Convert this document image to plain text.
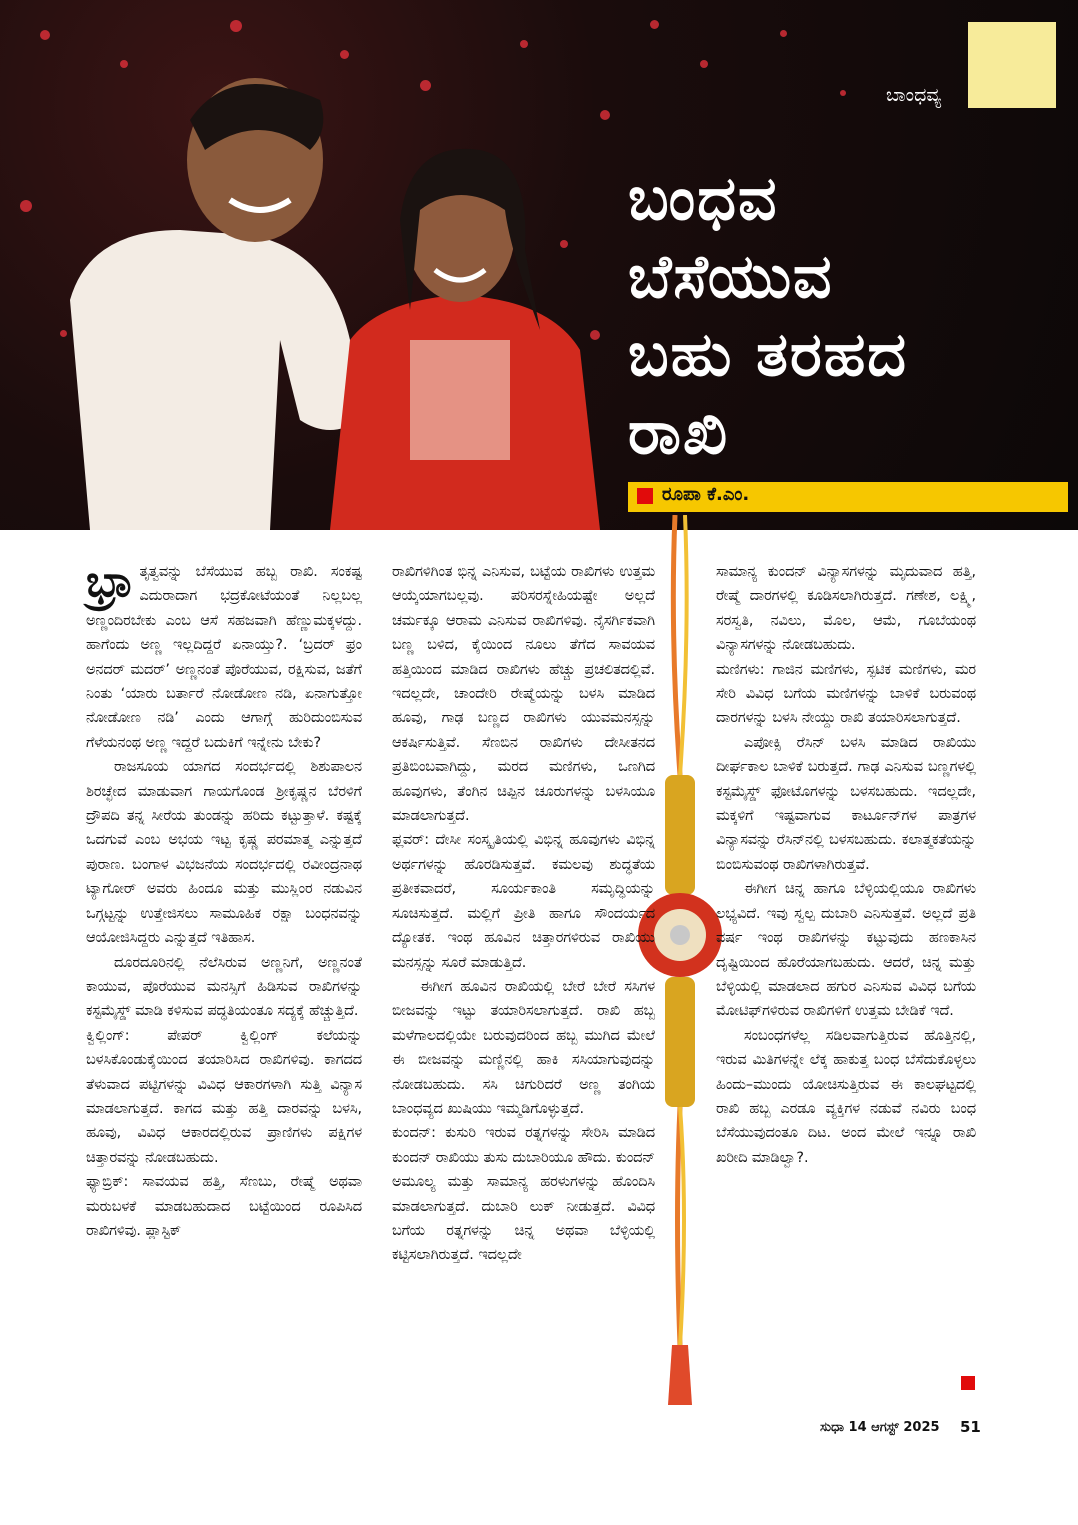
ಬಾಂಧವ್ಯ
ಬಂಧವ
ಬೆಸೆಯುವ
ಬಹು ತರಹದ
ರಾಖಿ
ರೂಪಾ ಕೆ.ಎಂ.
ಭ್ರಾ ತೃತ್ವವನ್ನು ಬೆಸೆಯುವ ಹಬ್ಬ ರಾಖಿ. ಸಂಕಷ್ಟ ಎದುರಾದಾಗ ಭದ್ರಕೋಟೆಯಂತೆ ನಿಲ್ಲಬಲ್ಲ ಅಣ್ಣಂದಿರಬೇಕು ಎಂಬ ಆಸೆ ಸಹಜವಾಗಿ ಹೆಣ್ಣುಮಕ್ಕಳದ್ದು. ಹಾಗೆಂದು ಅಣ್ಣ ಇಲ್ಲದಿದ್ದರೆ ಏನಾಯ್ತು?. ‘ಬ್ರದರ್ ಫ್ರಂ ಅನದರ್ ಮದರ್’ ಅಣ್ಣನಂತೆ ಪೊರೆಯುವ, ರಕ್ಷಿಸುವ, ಜತೆಗೆ ನಿಂತು ‘ಯಾರು ಬರ್ತಾರೆ ನೋಡೋಣ ನಡಿ, ಏನಾಗುತ್ತೋ ನೋಡೋಣ ನಡಿ’ ಎಂದು ಆಗಾಗ್ಗೆ ಹುರಿದುಂಬಿಸುವ ಗೆಳೆಯನಂಥ ಅಣ್ಣ ಇದ್ದರೆ ಬದುಕಿಗೆ ಇನ್ನೇನು ಬೇಕು?

ರಾಜಸೂಯ ಯಾಗದ ಸಂದರ್ಭದಲ್ಲಿ ಶಿಶುಪಾಲನ ಶಿರಚ್ಛೇದ ಮಾಡುವಾಗ ಗಾಯಗೊಂಡ ಶ್ರೀಕೃಷ್ಣನ ಬೆರಳಿಗೆ ದ್ರೌಪದಿ ತನ್ನ ಸೀರೆಯ ತುಂಡನ್ನು ಹರಿದು ಕಟ್ಟುತ್ತಾಳೆ. ಕಷ್ಟಕ್ಕೆ ಒದಗುವೆ ಎಂಬ ಅಭಯ ಇಟ್ಟ ಕೃಷ್ಣ ಪರಮಾತ್ಮ ಎನ್ನುತ್ತದೆ ಪುರಾಣ. ಬಂಗಾಳ ವಿಭಜನೆಯ ಸಂದರ್ಭದಲ್ಲಿ ರವೀಂದ್ರನಾಥ ಟ್ಯಾಗೋರ್ ಅವರು ಹಿಂದೂ ಮತ್ತು ಮುಸ್ಲಿಂರ ನಡುವಿನ ಒಗ್ಗಟ್ಟನ್ನು ಉತ್ತೇಜಿಸಲು ಸಾಮೂಹಿಕ ರಕ್ಷಾ ಬಂಧನವನ್ನು ಆಯೋಜಿಸಿದ್ದರು ಎನ್ನುತ್ತದೆ ಇತಿಹಾಸ.

ದೂರದೂರಿನಲ್ಲಿ ನೆಲೆಸಿರುವ ಅಣ್ಣನಿಗೆ, ಅಣ್ಣನಂತೆ ಕಾಯುವ, ಪೊರೆಯುವ ಮನಸ್ಸಿಗೆ ಹಿಡಿಸುವ ರಾಖಿಗಳನ್ನು ಕಸ್ಟಮೈಸ್ಡ್ ಮಾಡಿ ಕಳಿಸುವ ಪದ್ಧತಿಯಂತೂ ಸದ್ಯಕ್ಕೆ ಹೆಚ್ಚುತ್ತಿದೆ.

ಕ್ವಿಲ್ಲಿಂಗ್: ಪೇಪರ್ ಕ್ವಿಲ್ಲಿಂಗ್ ಕಲೆಯನ್ನು ಬಳಸಿಕೊಂಡುಕೈಯಿಂದ ತಯಾರಿಸಿದ ರಾಖಿಗಳಿವು. ಕಾಗದದ ತೆಳುವಾದ ಪಟ್ಟಿಗಳನ್ನು ವಿವಿಧ ಆಕಾರಗಳಾಗಿ ಸುತ್ತಿ ವಿನ್ಯಾಸ ಮಾಡಲಾಗುತ್ತದೆ. ಕಾಗದ ಮತ್ತು ಹತ್ತಿ ದಾರವನ್ನು ಬಳಸಿ, ಹೂವು, ವಿವಿಧ ಆಕಾರದಲ್ಲಿರುವ ಪ್ರಾಣಿಗಳು ಪಕ್ಷಿಗಳ ಚಿತ್ತಾರವನ್ನು ನೋಡಬಹುದು.

ಫ್ಯಾಬ್ರಿಕ್: ಸಾವಯವ ಹತ್ತಿ, ಸೆಣಬು, ರೇಷ್ಮೆ ಅಥವಾ ಮರುಬಳಕೆ ಮಾಡಬಹುದಾದ ಬಟ್ಟೆಯಿಂದ ರೂಪಿಸಿದ ರಾಖಿಗಳಿವು. ಪ್ಲಾಸ್ಟಿಕ್

ರಾಖಿಗಳಿಗಿಂತ ಭಿನ್ನ ಎನಿಸುವ, ಬಟ್ಟೆಯ ರಾಖಿಗಳು ಉತ್ತಮ ಆಯ್ಕೆಯಾಗಬಲ್ಲವು. ಪರಿಸರಸ್ನೇಹಿಯಷ್ಟೇ ಅಲ್ಲದೆ ಚರ್ಮಕ್ಕೂ ಆರಾಮ ಎನಿಸುವ ರಾಖಿಗಳಿವು. ನೈಸರ್ಗಿಕವಾಗಿ ಬಣ್ಣ ಬಳಿದ, ಕೈಯಿಂದ ನೂಲು ತೆಗೆದ ಸಾವಯವ ಹತ್ತಿಯಿಂದ ಮಾಡಿದ ರಾಖಿಗಳು ಹೆಚ್ಚು ಪ್ರಚಲಿತದಲ್ಲಿವೆ. ಇದಲ್ಲದೇ, ಚಾಂದೇರಿ ರೇಷ್ಮೆಯನ್ನು ಬಳಸಿ ಮಾಡಿದ ಹೂವು, ಗಾಢ ಬಣ್ಣದ ರಾಖಿಗಳು ಯುವಮನಸ್ಸನ್ನು ಆಕರ್ಷಿಸುತ್ತಿವೆ. ಸೆಣಬಿನ ರಾಖಿಗಳು ದೇಸೀತನದ ಪ್ರತಿಬಿಂಬವಾಗಿದ್ದು, ಮರದ ಮಣಿಗಳು, ಒಣಗಿದ ಹೂವುಗಳು, ತೆಂಗಿನ ಚಿಪ್ಪಿನ ಚೂರುಗಳನ್ನು ಬಳಸಿಯೂ ಮಾಡಲಾಗುತ್ತದೆ.

ಫ್ಲವರ್: ದೇಸೀ ಸಂಸ್ಕೃತಿಯಲ್ಲಿ ವಿಭಿನ್ನ ಹೂವುಗಳು ವಿಭಿನ್ನ ಅರ್ಥಗಳನ್ನು ಹೊರಡಿಸುತ್ತವೆ. ಕಮಲವು ಶುದ್ಧತೆಯ ಪ್ರತೀಕವಾದರೆ, ಸೂರ್ಯಕಾಂತಿ ಸಮೃದ್ಧಿಯನ್ನು ಸೂಚಿಸುತ್ತದೆ. ಮಲ್ಲಿಗೆ ಪ್ರೀತಿ ಹಾಗೂ ಸೌಂದರ್ಯದ ದ್ಯೋತಕ. ಇಂಥ ಹೂವಿನ ಚಿತ್ತಾರಗಳಿರುವ ರಾಖಿಯು ಮನಸ್ಸನ್ನು ಸೂರೆ ಮಾಡುತ್ತಿದೆ.

ಈಗೀಗ ಹೂವಿನ ರಾಖಿಯಲ್ಲಿ ಬೇರೆ ಬೇರೆ ಸಸಿಗಳ ಬೀಜವನ್ನು ಇಟ್ಟು ತಯಾರಿಸಲಾಗುತ್ತದೆ. ರಾಖಿ ಹಬ್ಬ ಮಳೆಗಾಲದಲ್ಲಿಯೇ ಬರುವುದರಿಂದ ಹಬ್ಬ ಮುಗಿದ ಮೇಲೆ ಈ ಬೀಜವನ್ನು ಮಣ್ಣಿನಲ್ಲಿ ಹಾಕಿ ಸಸಿಯಾಗುವುದನ್ನು ನೋಡಬಹುದು. ಸಸಿ ಚಿಗುರಿದರೆ ಅಣ್ಣ ತಂಗಿಯ ಬಾಂಧವ್ಯದ ಖುಷಿಯು ಇಮ್ಮಡಿಗೊಳ್ಳುತ್ತದೆ.

ಕುಂದನ್: ಕುಸುರಿ ಇರುವ ರತ್ನಗಳನ್ನು ಸೇರಿಸಿ ಮಾಡಿದ ಕುಂದನ್ ರಾಖಿಯು ತುಸು ದುಬಾರಿಯೂ ಹೌದು. ಕುಂದನ್ ಅಮೂಲ್ಯ ಮತ್ತು ಸಾಮಾನ್ಯ ಹರಳುಗಳನ್ನು ಹೊಂದಿಸಿ ಮಾಡಲಾಗುತ್ತದೆ. ದುಬಾರಿ ಲುಕ್ ನೀಡುತ್ತದೆ. ವಿವಿಧ ಬಗೆಯ ರತ್ನಗಳನ್ನು ಚಿನ್ನ ಅಥವಾ ಬೆಳ್ಳಿಯಲ್ಲಿ ಕಟ್ಟಿಸಲಾಗಿರುತ್ತದೆ. ಇದಲ್ಲದೇ

ಸಾಮಾನ್ಯ ಕುಂದನ್ ವಿನ್ಯಾಸಗಳನ್ನು ಮೃದುವಾದ ಹತ್ತಿ, ರೇಷ್ಮೆ ದಾರಗಳಲ್ಲಿ ಕೂಡಿಸಲಾಗಿರುತ್ತದೆ. ಗಣೇಶ, ಲಕ್ಷ್ಮಿ, ಸರಸ್ವತಿ, ನವಿಲು, ಮೊಲ, ಆಮೆ, ಗೂಬೆಯಂಥ ವಿನ್ಯಾಸಗಳನ್ನು ನೋಡಬಹುದು.

ಮಣಿಗಳು: ಗಾಜಿನ ಮಣಿಗಳು, ಸ್ಫಟಿಕ ಮಣಿಗಳು, ಮರ ಸೇರಿ ವಿವಿಧ ಬಗೆಯ ಮಣಿಗಳನ್ನು ಬಾಳಿಕೆ ಬರುವಂಥ ದಾರಗಳನ್ನು ಬಳಸಿ ನೇಯ್ದು ರಾಖಿ ತಯಾರಿಸಲಾಗುತ್ತದೆ.

ಎಪೋಕ್ಸಿ ರೆಸಿನ್ ಬಳಸಿ ಮಾಡಿದ ರಾಖಿಯು ದೀರ್ಘಕಾಲ ಬಾಳಿಕೆ ಬರುತ್ತದೆ. ಗಾಢ ಎನಿಸುವ ಬಣ್ಣಗಳಲ್ಲಿ ಕಸ್ಟಮೈಸ್ಡ್ ಫೋಟೊಗಳನ್ನು ಬಳಸಬಹುದು. ಇದಲ್ಲದೇ, ಮಕ್ಕಳಿಗೆ ಇಷ್ಟವಾಗುವ ಕಾರ್ಟೂನ್‌ಗಳ ಪಾತ್ರಗಳ ವಿನ್ಯಾಸವನ್ನು ರೆಸಿನ್‌ನಲ್ಲಿ ಬಳಸಬಹುದು. ಕಲಾತ್ಮಕತೆಯನ್ನು ಬಿಂಬಿಸುವಂಥ ರಾಖಿಗಳಾಗಿರುತ್ತವೆ.

ಈಗೀಗ ಚಿನ್ನ ಹಾಗೂ ಬೆಳ್ಳಿಯಲ್ಲಿಯೂ ರಾಖಿಗಳು ಲಭ್ಯವಿದೆ. ಇವು ಸ್ವಲ್ಪ ದುಬಾರಿ ಎನಿಸುತ್ತವೆ. ಅಲ್ಲದೆ ಪ್ರತಿ ವರ್ಷ ಇಂಥ ರಾಖಿಗಳನ್ನು ಕಟ್ಟುವುದು ಹಣಕಾಸಿನ ದೃಷ್ಟಿಯಿಂದ ಹೊರೆಯಾಗಬಹುದು. ಆದರೆ, ಚಿನ್ನ ಮತ್ತು ಬೆಳ್ಳಿಯಲ್ಲಿ ಮಾಡಲಾದ ಹಗುರ ಎನಿಸುವ ವಿವಿಧ ಬಗೆಯ ಮೋಟಿಫ್‌ಗಳಿರುವ ರಾಖಿಗಳಿಗೆ ಉತ್ತಮ ಬೇಡಿಕೆ ಇದೆ.

ಸಂಬಂಧಗಳೆಲ್ಲ ಸಡಿಲವಾಗುತ್ತಿರುವ ಹೊತ್ತಿನಲ್ಲಿ, ಇರುವ ಮಿತಿಗಳನ್ನೇ ಲೆಕ್ಕ ಹಾಕುತ್ತ ಬಂಧ ಬೆಸೆದುಕೊಳ್ಳಲು ಹಿಂದು–ಮುಂದು ಯೋಚಿಸುತ್ತಿರುವ ಈ ಕಾಲಘಟ್ಟದಲ್ಲಿ ರಾಖಿ ಹಬ್ಬ ಎರಡೂ ವ್ಯಕ್ತಿಗಳ ನಡುವೆ ನವಿರು ಬಂಧ ಬೆಸೆಯುವುದಂತೂ ದಿಟ. ಅಂದ ಮೇಲೆ ಇನ್ನೂ ರಾಖಿ ಖರೀದಿ ಮಾಡಿಲ್ವಾ?.

ಸುಧಾ 14 ಆಗಸ್ಟ್ 2025 51
